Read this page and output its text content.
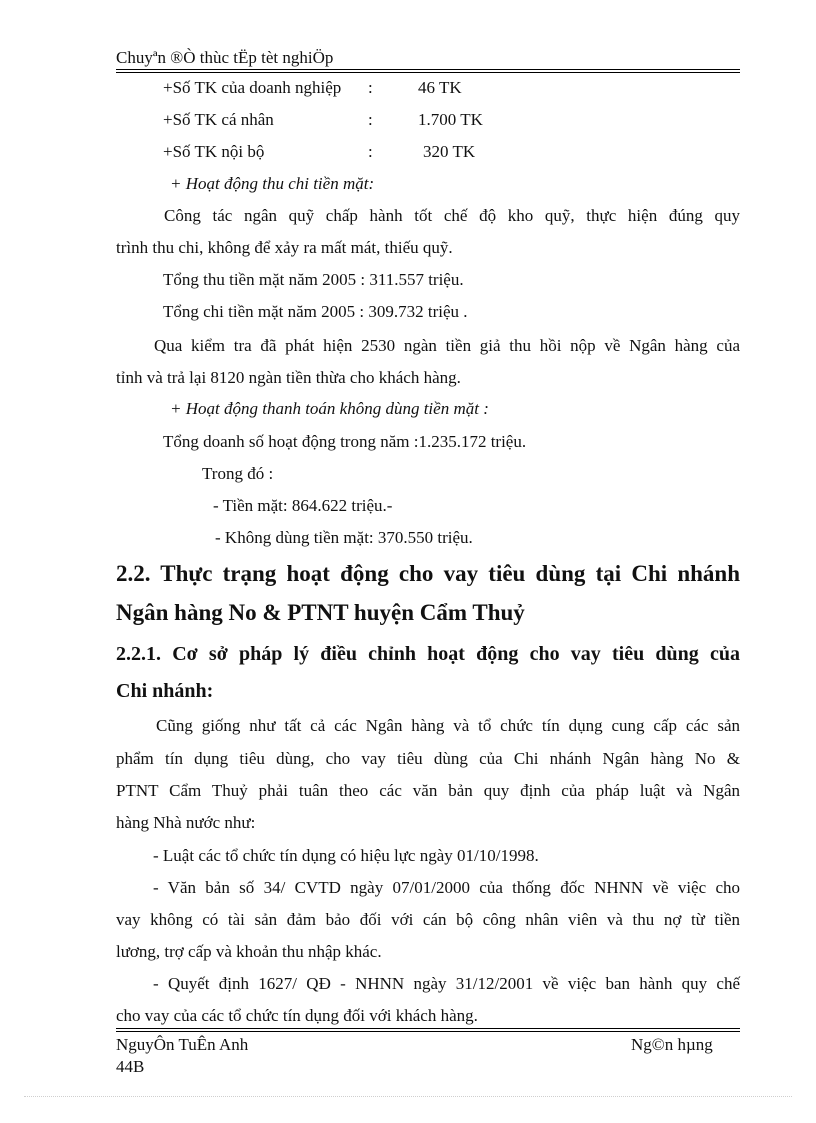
Chuyªn ®Ò thùc tËp tèt nghiÖp
+Số TK của doanh nghiệp :	46 TK
+Số TK cá nhân	:	1.700 TK
+Số TK nội bộ	:	320 TK
+ Hoạt động thu chi tiền mặt:
Công tác ngân quỹ chấp hành tốt chế độ kho quỹ, thực hiện đúng quy
trình thu chi, không để xảy ra mất mát, thiếu quỹ.
Tổng thu tiền mặt năm 2005 : 311.557 triệu.
Tổng chi tiền mặt năm 2005 : 309.732 triệu .
Qua kiểm tra đã phát hiện 2530 ngàn tiền giả thu hồi nộp về Ngân hàng của
tỉnh và trả lại 8120 ngàn tiền thừa cho khách hàng.
+ Hoạt động thanh toán không dùng tiền mặt :
Tổng doanh số hoạt động trong năm :1.235.172 triệu.
Trong đó :
- Tiền mặt: 864.622 triệu.-
- Không dùng tiền mặt: 370.550 triệu.
2.2. Thực trạng hoạt động cho vay tiêu dùng tại Chi nhánh
Ngân hàng No & PTNT huyện Cẩm Thuỷ
2.2.1. Cơ sở pháp lý điều chỉnh hoạt động cho vay tiêu dùng của
Chi nhánh:
Cũng giống như tất cả các Ngân hàng và tổ chức tín dụng cung cấp các sản
phẩm tín dụng tiêu dùng, cho vay tiêu dùng của Chi nhánh Ngân hàng No &
PTNT Cẩm Thuỷ phải tuân theo các văn bản quy định của pháp luật và Ngân
hàng Nhà nước như:
- Luật các tổ chức tín dụng có hiệu lực ngày 01/10/1998.
- Văn bản số 34/ CVTD ngày 07/01/2000 của thống đốc NHNN về việc cho
vay không có tài sản đảm bảo đối với cán bộ công nhân viên và thu nợ từ tiền
lương, trợ cấp và khoản thu nhập khác.
- Quyết định 1627/ QĐ - NHNN ngày 31/12/2001 về việc ban hành quy chế
cho vay của các tổ chức tín dụng đối với khách hàng.
NguyÔn TuÊn Anh	Ng©n hµng
44B
